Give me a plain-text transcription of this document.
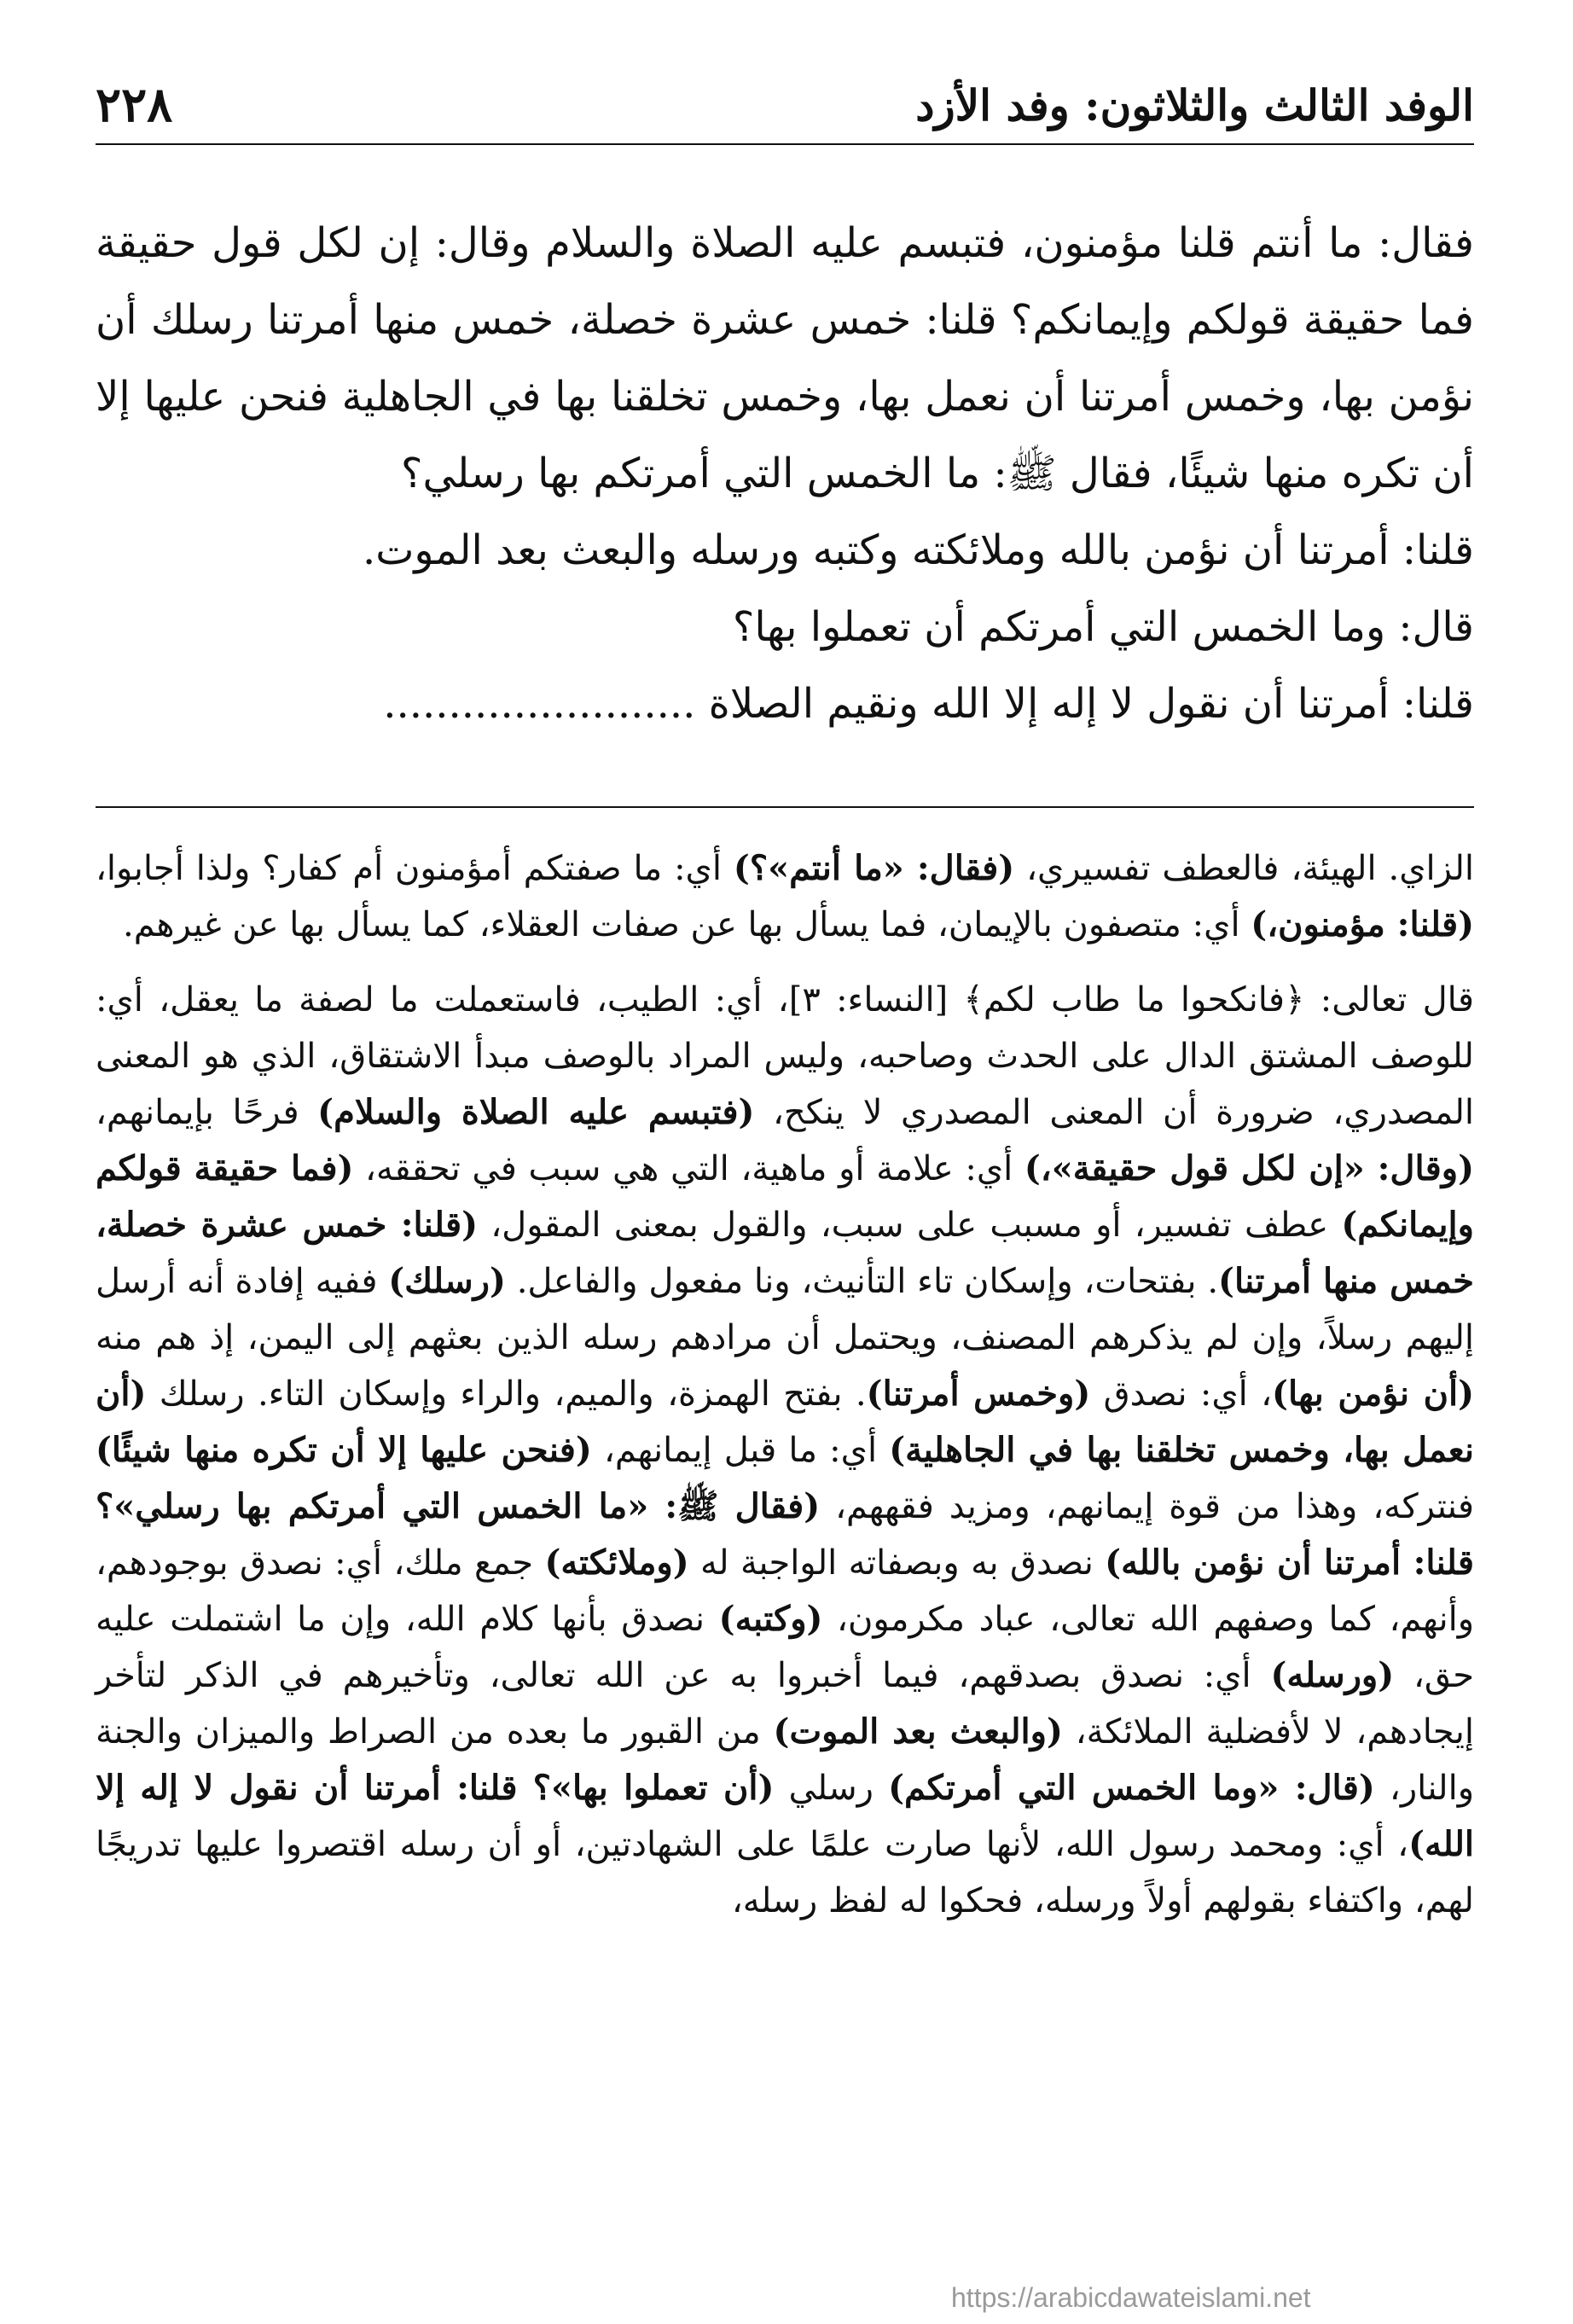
الوفد الثالث والثلاثون: وفد الأزد
٢٢٨

فقال: ما أنتم قلنا مؤمنون، فتبسم عليه الصلاة والسلام وقال: إن لكل قول حقيقة فما حقيقة قولكم وإيمانكم؟ قلنا: خمس عشرة خصلة، خمس منها أمرتنا رسلك أن نؤمن بها، وخمس أمرتنا أن نعمل بها، وخمس تخلقنا بها في الجاهلية فنحن عليها إلا أن تكره منها شيئًا، فقال ﷺ: ما الخمس التي أمرتكم بها رسلي؟

قلنا: أمرتنا أن نؤمن بالله وملائكته وكتبه ورسله والبعث بعد الموت.

قال: وما الخمس التي أمرتكم أن تعملوا بها؟

قلنا: أمرتنا أن نقول لا إله إلا الله ونقيم الصلاة ........................

الزاي. الهيئة، فالعطف تفسيري، (فقال: «ما أنتم»؟) أي: ما صفتكم أمؤمنون أم كفار؟ ولذا أجابوا، (قلنا: مؤمنون،) أي: متصفون بالإيمان، فما يسأل بها عن صفات العقلاء، كما يسأل بها عن غيرهم.

قال تعالى: ﴿فانكحوا ما طاب لكم﴾ [النساء: ٣]، أي: الطيب، فاستعملت ما لصفة ما يعقل، أي: للوصف المشتق الدال على الحدث وصاحبه، وليس المراد بالوصف مبدأ الاشتقاق، الذي هو المعنى المصدري، ضرورة أن المعنى المصدري لا ينكح، (فتبسم عليه الصلاة والسلام) فرحًا بإيمانهم، (وقال: «إن لكل قول حقيقة»،) أي: علامة أو ماهية، التي هي سبب في تحققه، (فما حقيقة قولكم وإيمانكم) عطف تفسير، أو مسبب على سبب، والقول بمعنى المقول، (قلنا: خمس عشرة خصلة، خمس منها أمرتنا). بفتحات، وإسكان تاء التأنيث، ونا مفعول والفاعل. (رسلك) ففيه إفادة أنه أرسل إليهم رسلاً، وإن لم يذكرهم المصنف، ويحتمل أن مرادهم رسله الذين بعثهم إلى اليمن، إذ هم منه (أن نؤمن بها)، أي: نصدق (وخمس أمرتنا). بفتح الهمزة، والميم، والراء وإسكان التاء. رسلك (أن نعمل بها، وخمس تخلقنا بها في الجاهلية) أي: ما قبل إيمانهم، (فنحن عليها إلا أن تكره منها شيئًا) فنتركه، وهذا من قوة إيمانهم، ومزيد فقههم، (فقال ﷺ: «ما الخمس التي أمرتكم بها رسلي»؟ قلنا: أمرتنا أن نؤمن بالله) نصدق به وبصفاته الواجبة له (وملائكته) جمع ملك، أي: نصدق بوجودهم، وأنهم، كما وصفهم الله تعالى، عباد مكرمون، (وكتبه) نصدق بأنها كلام الله، وإن ما اشتملت عليه حق، (ورسله) أي: نصدق بصدقهم، فيما أخبروا به عن الله تعالى، وتأخيرهم في الذكر لتأخر إيجادهم، لا لأفضلية الملائكة، (والبعث بعد الموت) من القبور ما بعده من الصراط والميزان والجنة والنار، (قال: «وما الخمس التي أمرتكم) رسلي (أن تعملوا بها»؟ قلنا: أمرتنا أن نقول لا إله إلا الله)، أي: ومحمد رسول الله، لأنها صارت علمًا على الشهادتين، أو أن رسله اقتصروا عليها تدريجًا لهم، واكتفاء بقولهم أولاً ورسله، فحكوا له لفظ رسله،

https://arabicdawateislami.net
